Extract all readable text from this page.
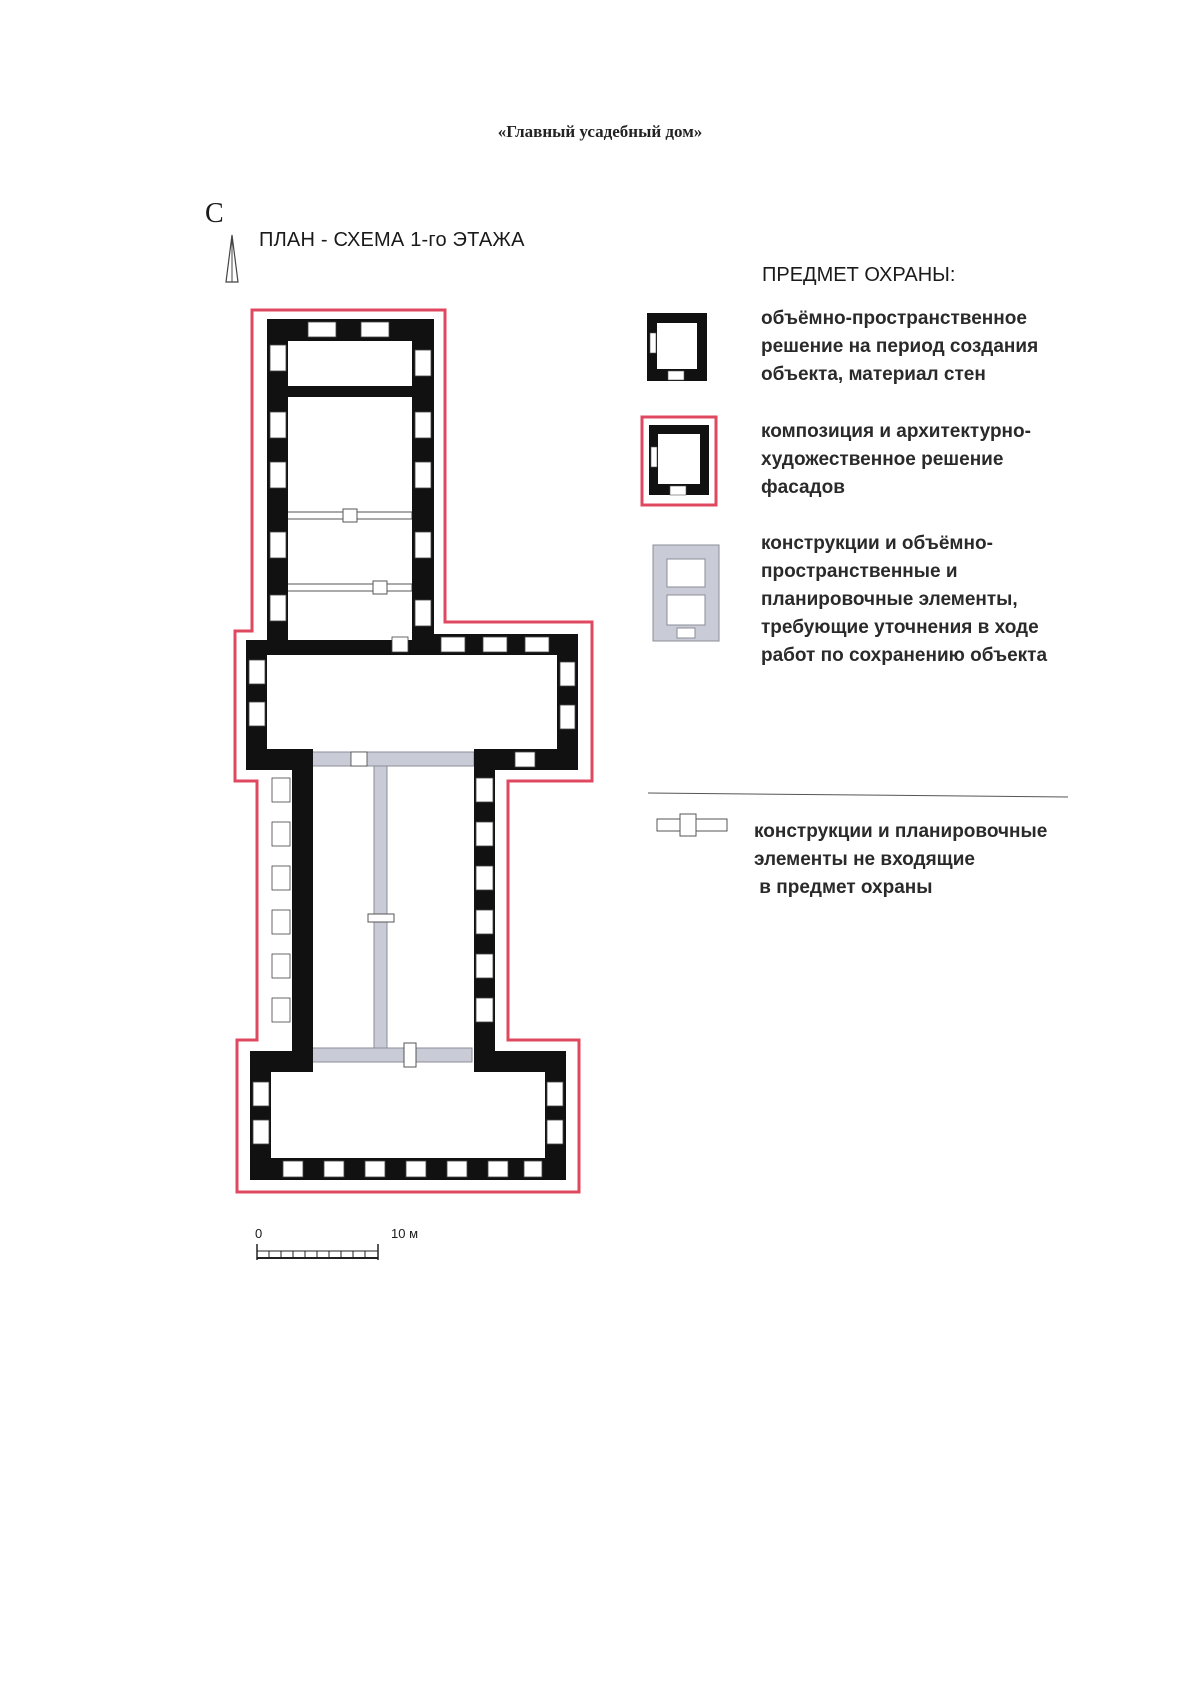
«Главный усадебный дом»
С
ПЛАН - СХЕМА 1-го ЭТАЖА
ПРЕДМЕТ ОХРАНЫ:
объёмно-пространственное
решение на период создания
объекта, материал стен
композиция и архитектурно-
художественное решение
фасадов
конструкции и объёмно-
пространственные и
планировочные элементы,
требующие уточнения в ходе
работ по сохранению объекта
конструкции и планировочные
элементы не входящие
в предмет охраны
0	10 м
